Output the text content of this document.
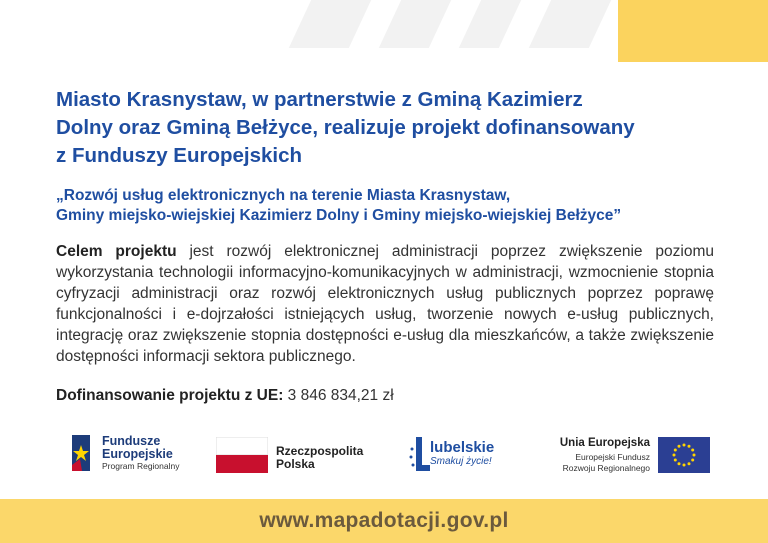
Miasto Krasnystaw, w partnerstwie z Gminą Kazimierz
Dolny oraz Gminą Bełżyce, realizuje projekt dofinansowany
z Funduszy Europejskich
„Rozwój usług elektronicznych na terenie Miasta Krasnystaw,
Gminy miejsko-wiejskiej Kazimierz Dolny i Gminy miejsko-wiejskiej Bełżyce”
Celem projektu jest rozwój elektronicznej administracji poprzez zwiększenie poziomu wykorzystania technologii informacyjno-komunikacyjnych w administracji, wzmocnienie stopnia cyfryzacji administracji oraz rozwój elektronicznych usług publicznych poprzez poprawę funkcjonalności i e-dojrzałości istniejących usług, tworzenie nowych e-usług publicznych, integrację oraz zwiększenie stopnia dostępności e-usług dla mieszkańców, a także zwiększenie dostępności informacji sektora publicznego.
Dofinansowanie projektu z UE: 3 846 834,21 zł
Fundusze
Europejskie
Program Regionalny
Rzeczpospolita
Polska
lubelskie
Smakuj życie!
Unia Europejska
Europejski Fundusz
Rozwoju Regionalnego
www.mapadotacji.gov.pl
